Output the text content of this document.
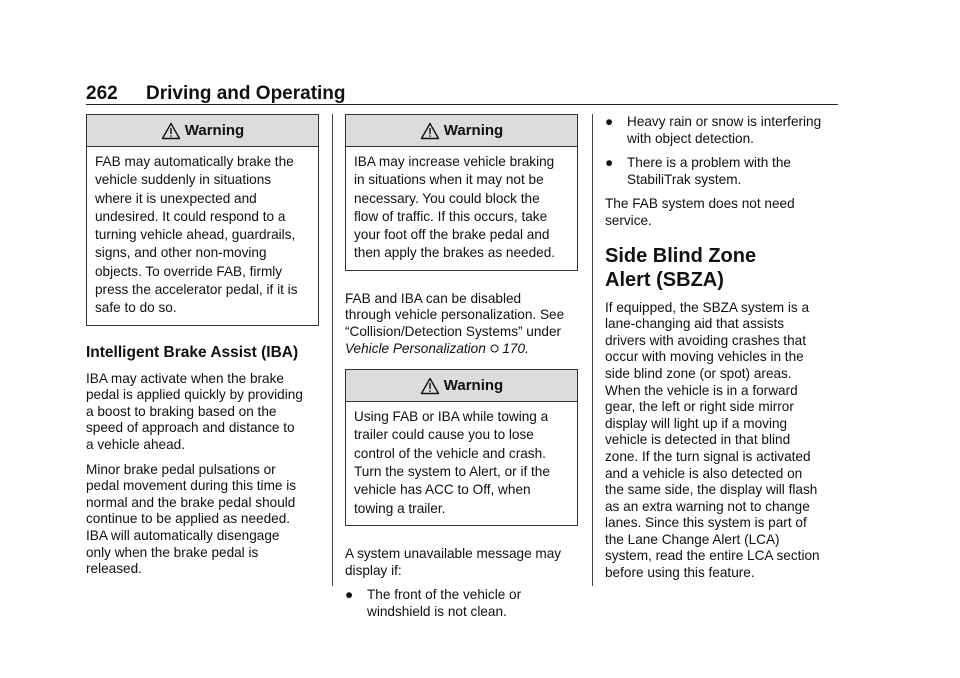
262 Driving and Operating
Warning
FAB may automatically brake the
vehicle suddenly in situations
where it is unexpected and
undesired. It could respond to a
turning vehicle ahead, guardrails,
signs, and other non-moving
objects. To override FAB, firmly
press the accelerator pedal, if it is
safe to do so.
Intelligent Brake Assist (IBA)

IBA may activate when the brake

pedal is applied quickly by providing

a boost to braking based on the

speed of approach and distance to

a vehicle ahead.

Minor brake pedal pulsations or

pedal movement during this time is

normal and the brake pedal should

continue to be applied as needed.

IBA will automatically disengage

only when the brake pedal is

released.

Warning
IBA may increase vehicle braking
in situations when it may not be
necessary. You could block the
flow of traffic. If this occurs, take
your foot off the brake pedal and
then apply the brakes as needed.

FAB and IBA can be disabled

through vehicle personalization. See

“Collision/Detection Systems” under

Vehicle Personalization 170.

Warning
Using FAB or IBA while towing a
trailer could cause you to lose
control of the vehicle and crash.
Turn the system to Alert, or if the
vehicle has ACC to Off, when
towing a trailer.

A system unavailable message may

display if:

●	The front of the vehicle or

windshield is not clean.

●	Heavy rain or snow is interfering

with object detection.

●	There is a problem with the

StabiliTrak system.

The FAB system does not need

service.

Side Blind Zone
Alert (SBZA)

If equipped, the SBZA system is a

lane-changing aid that assists

drivers with avoiding crashes that

occur with moving vehicles in the

side blind zone (or spot) areas.

When the vehicle is in a forward

gear, the left or right side mirror

display will light up if a moving

vehicle is detected in that blind

zone. If the turn signal is activated

and a vehicle is also detected on

the same side, the display will flash

as an extra warning not to change

lanes. Since this system is part of

the Lane Change Alert (LCA)

system, read the entire LCA section

before using this feature.
